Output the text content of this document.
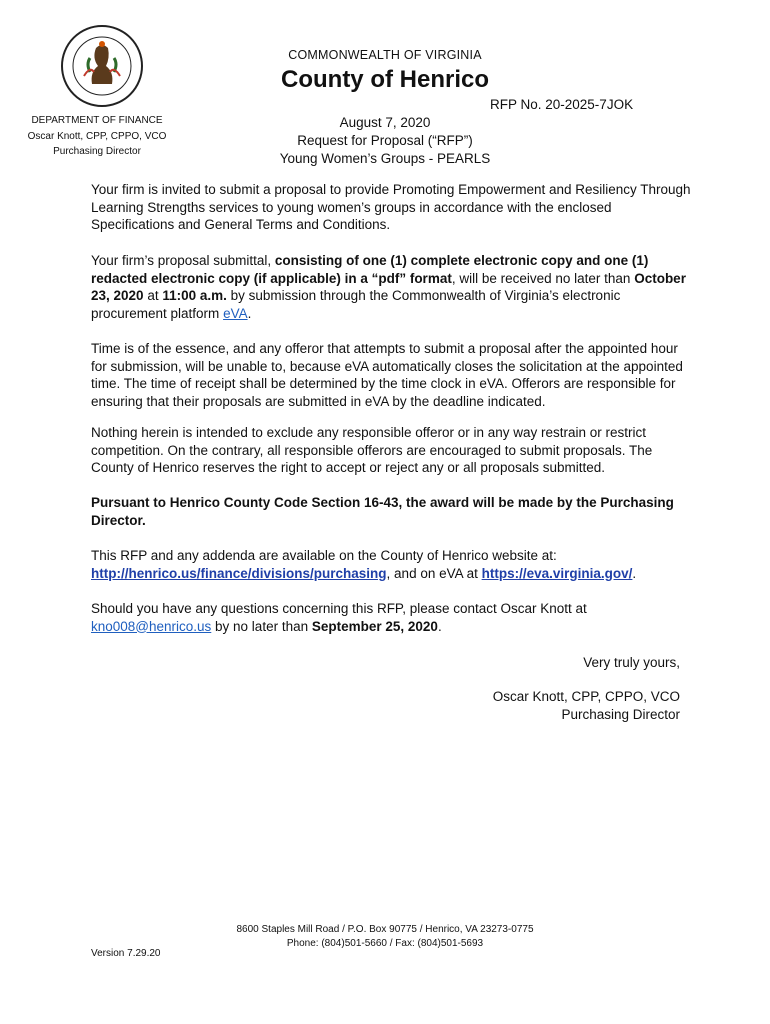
COMMONWEALTH OF VIRGINIA
County of Henrico
RFP No. 20-2025-7JOK
DEPARTMENT OF FINANCE
Oscar Knott, CPP, CPPO, VCO
Purchasing Director
August 7, 2020
Request for Proposal (“RFP”)
Young Women’s Groups - PEARLS

Your firm is invited to submit a proposal to provide Promoting Empowerment and Resiliency Through Learning Strengths services to young women’s groups in accordance with the enclosed Specifications and General Terms and Conditions.

Your firm’s proposal submittal, consisting of one (1) complete electronic copy and one (1) redacted electronic copy (if applicable) in a “pdf” format, will be received no later than October 23, 2020 at 11:00 a.m. by submission through the Commonwealth of Virginia’s electronic procurement platform eVA.

Time is of the essence, and any offeror that attempts to submit a proposal after the appointed hour for submission, will be unable to, because eVA automatically closes the solicitation at the appointed time. The time of receipt shall be determined by the time clock in eVA. Offerors are responsible for ensuring that their proposals are submitted in eVA by the deadline indicated.

Nothing herein is intended to exclude any responsible offeror or in any way restrain or restrict competition. On the contrary, all responsible offerors are encouraged to submit proposals. The County of Henrico reserves the right to accept or reject any or all proposals submitted.

Pursuant to Henrico County Code Section 16-43, the award will be made by the Purchasing Director.

This RFP and any addenda are available on the County of Henrico website at:
http://henrico.us/finance/divisions/purchasing, and on eVA at https://eva.virginia.gov/.

Should you have any questions concerning this RFP, please contact Oscar Knott at
kno008@henrico.us by no later than September 25, 2020.

Very truly yours,
Oscar Knott, CPP, CPPO, VCO
Purchasing Director
8600 Staples Mill Road / P.O. Box 90775 / Henrico, VA 23273-0775
Phone: (804)501-5660 / Fax: (804)501-5693
Version 7.29.20
